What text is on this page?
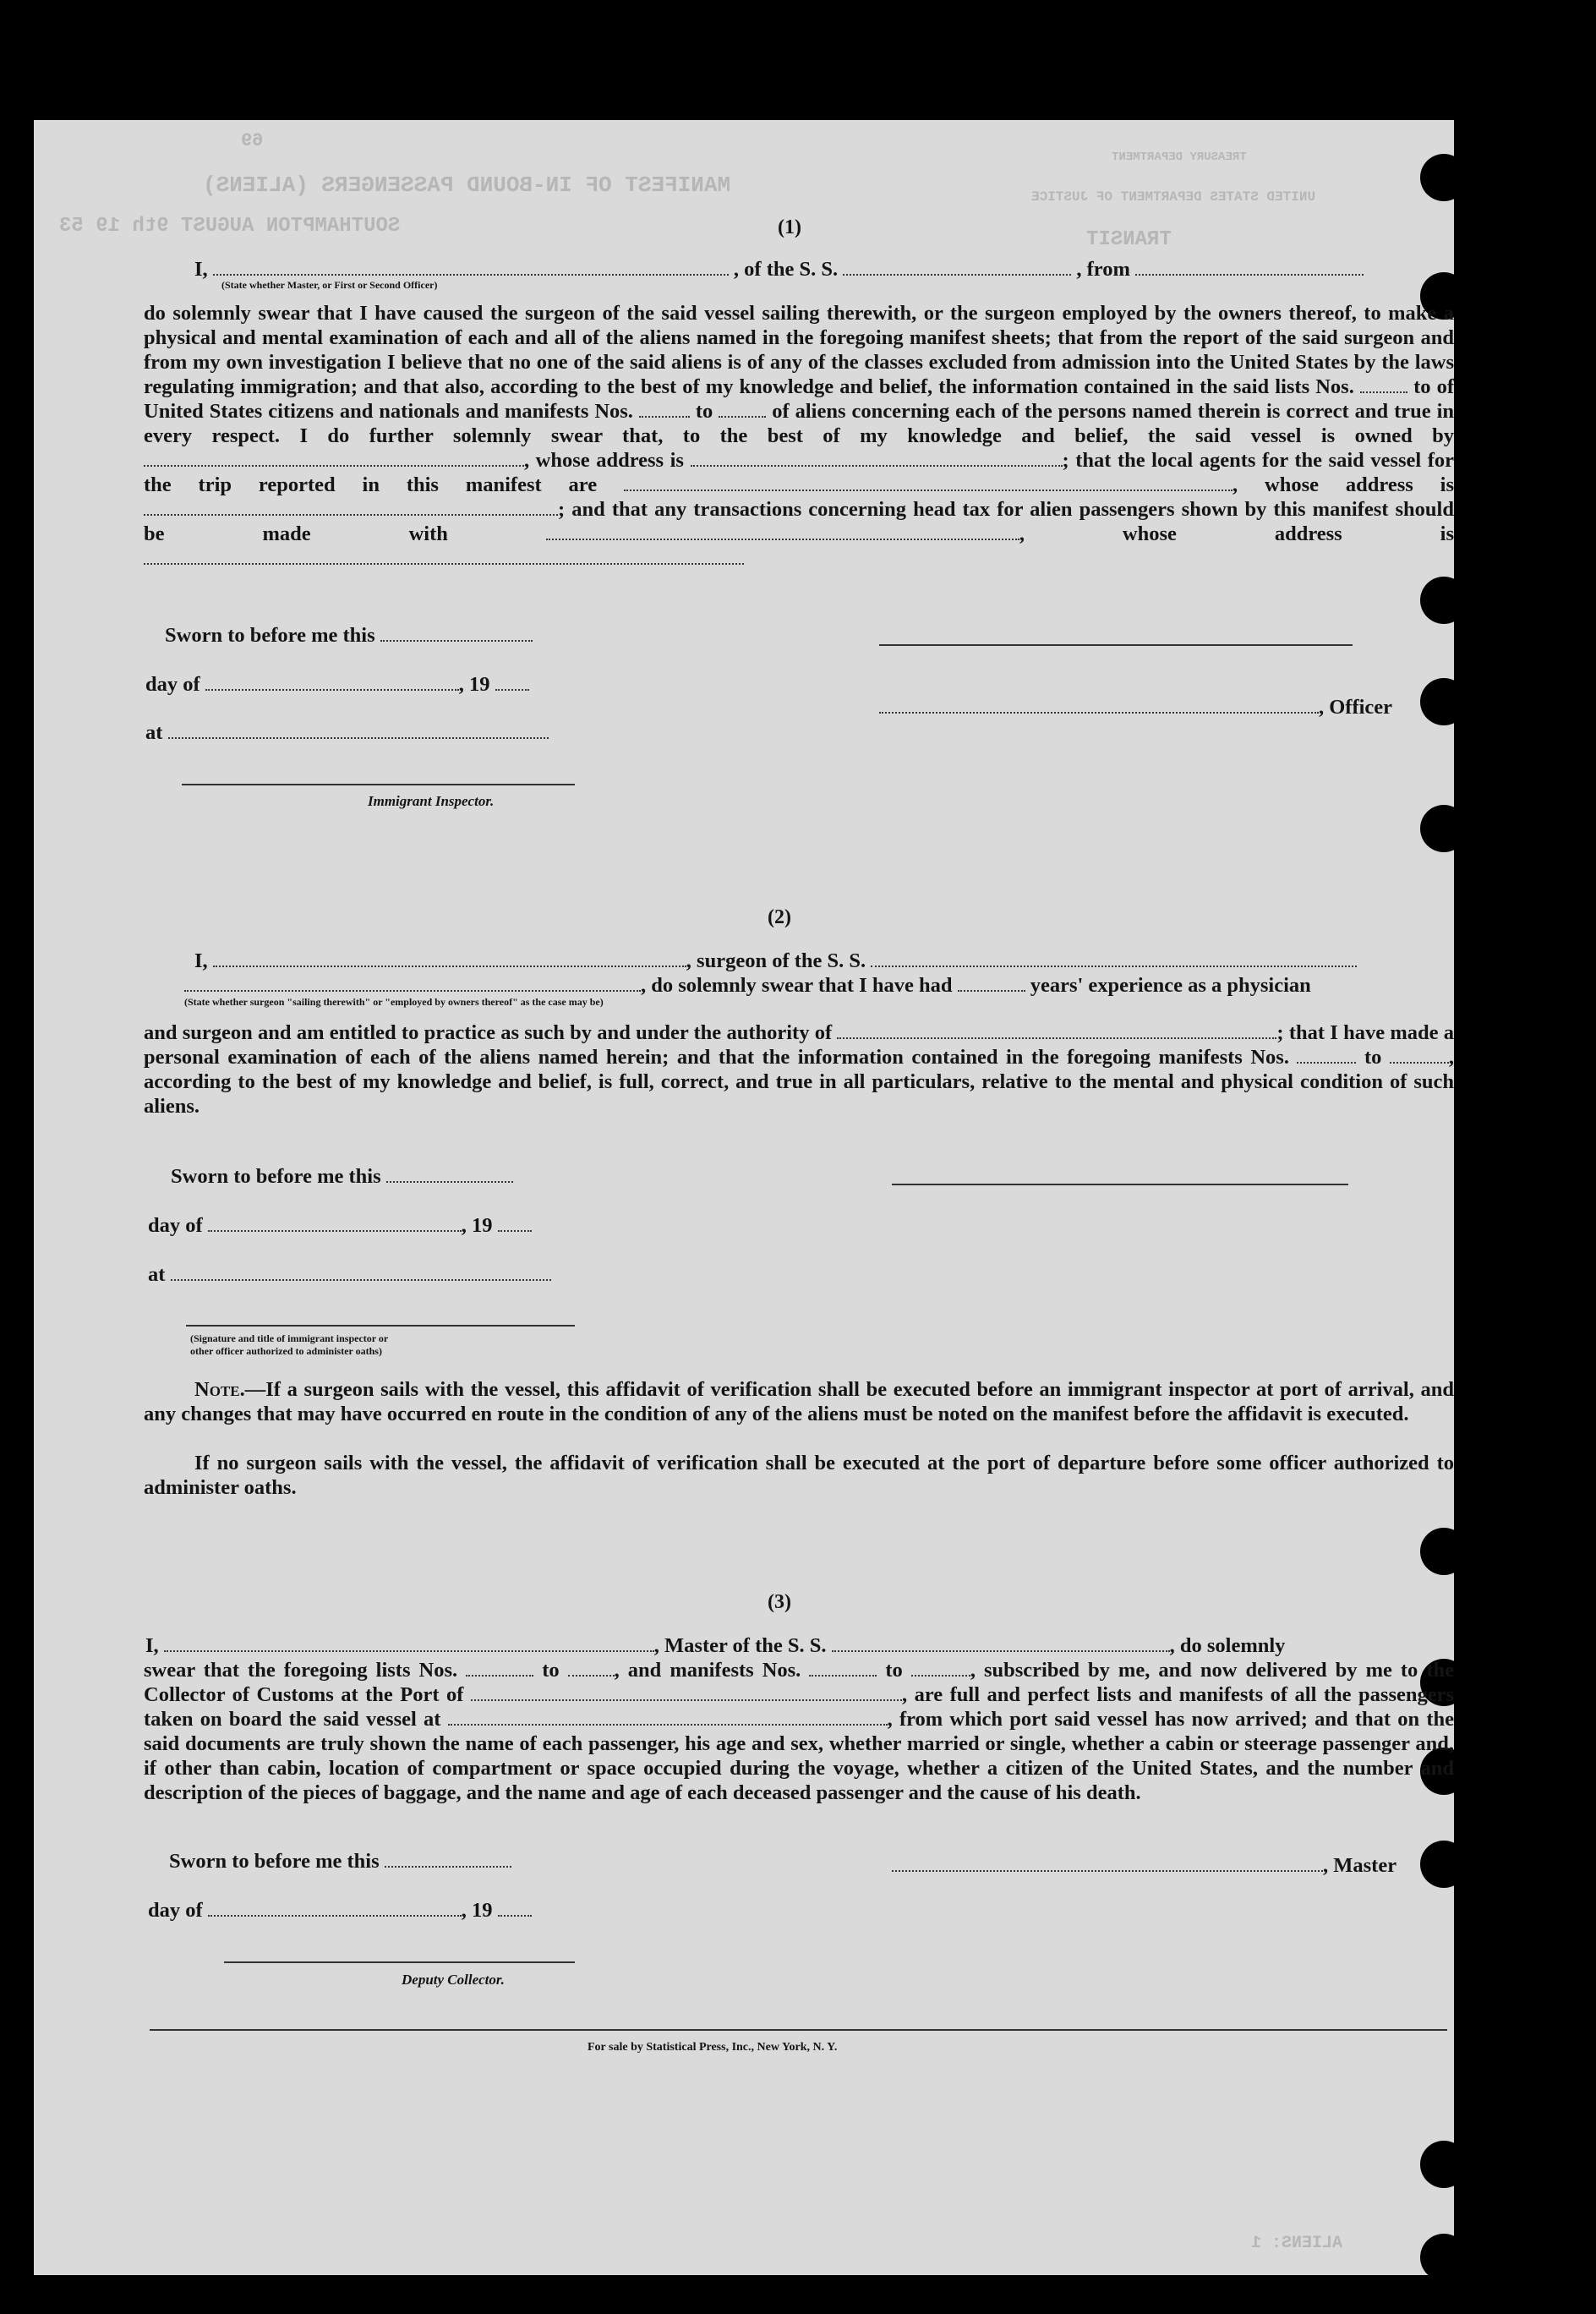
69
MANIFEST OF IN-BOUND PASSENGERS (ALIENS)
SOUTHAMPTON AUGUST 9th 19 53
TRANSIT
UNITED STATES DEPARTMENT OF JUSTICE
TREASURY DEPARTMENT
ALIENS: 1
(1)
I,	, of the S. S.	, from
(State whether Master, or First or Second Officer)

do solemnly swear that I have caused the surgeon of the said vessel sailing therewith, or the surgeon employed by the owners thereof, to make a physical and mental examination of each and all of the aliens named in the foregoing manifest sheets; that from the report of the said surgeon and from my own investigation I believe that no one of the said aliens is of any of the classes excluded from admission into the United States by the laws regulating immigration; and that also, according to the best of my knowledge and belief, the information contained in the said lists Nos.	to of United States citizens and nationals and manifests Nos.	to	of aliens concerning each of the persons named therein is correct and true in every respect. I do further solemnly swear that, to the best of my knowledge and belief, the said vessel is owned by , whose address is	; that the local agents for the said vessel for the trip reported in this manifest are	, whose address is ; and that any transactions concerning head tax for alien passengers shown by this manifest should be made with	, whose address is

Sworn to before me this
day of	, 19
, Officer
at
Immigrant Inspector.
(2)
I,	, surgeon of the S. S.
, do solemnly swear that I have had	years' experience as a physician
(State whether surgeon "sailing therewith" or "employed by owners thereof" as the case may be)

and surgeon and am entitled to practice as such by and under the authority of	; that I have made a personal examination of each of the aliens named herein; and that the information contained in the foregoing manifests Nos.	to	, according to the best of my knowledge and belief, is full, correct, and true in all particulars, relative to the mental and physical condition of such aliens.

Sworn to before me this
day of	, 19
at
(Signature and title of immigrant inspector or
other officer authorized to administer oaths)

Note.—If a surgeon sails with the vessel, this affidavit of verification shall be executed before an immigrant inspector at port of arrival, and any changes that may have occurred en route in the condition of any of the aliens must be noted on the manifest before the affidavit is executed.

If no surgeon sails with the vessel, the affidavit of verification shall be executed at the port of departure before some officer authorized to administer oaths.

(3)
I,	, Master of the S. S.	, do solemnly

swear that the foregoing lists Nos.	to	, and manifests Nos.	to	, subscribed by me, and now delivered by me to the Collector of Customs at the Port of	, are full and perfect lists and manifests of all the passengers taken on board the said vessel at	, from which port said vessel has now arrived; and that on the said documents are truly shown the name of each passenger, his age and sex, whether married or single, whether a cabin or steerage passenger and, if other than cabin, location of compartment or space occupied during the voyage, whether a citizen of the United States, and the number and description of the pieces of baggage, and the name and age of each deceased passenger and the cause of his death.

Sworn to before me this	, Master
day of	, 19
Deputy Collector.
For sale by Statistical Press, Inc., New York, N. Y.
